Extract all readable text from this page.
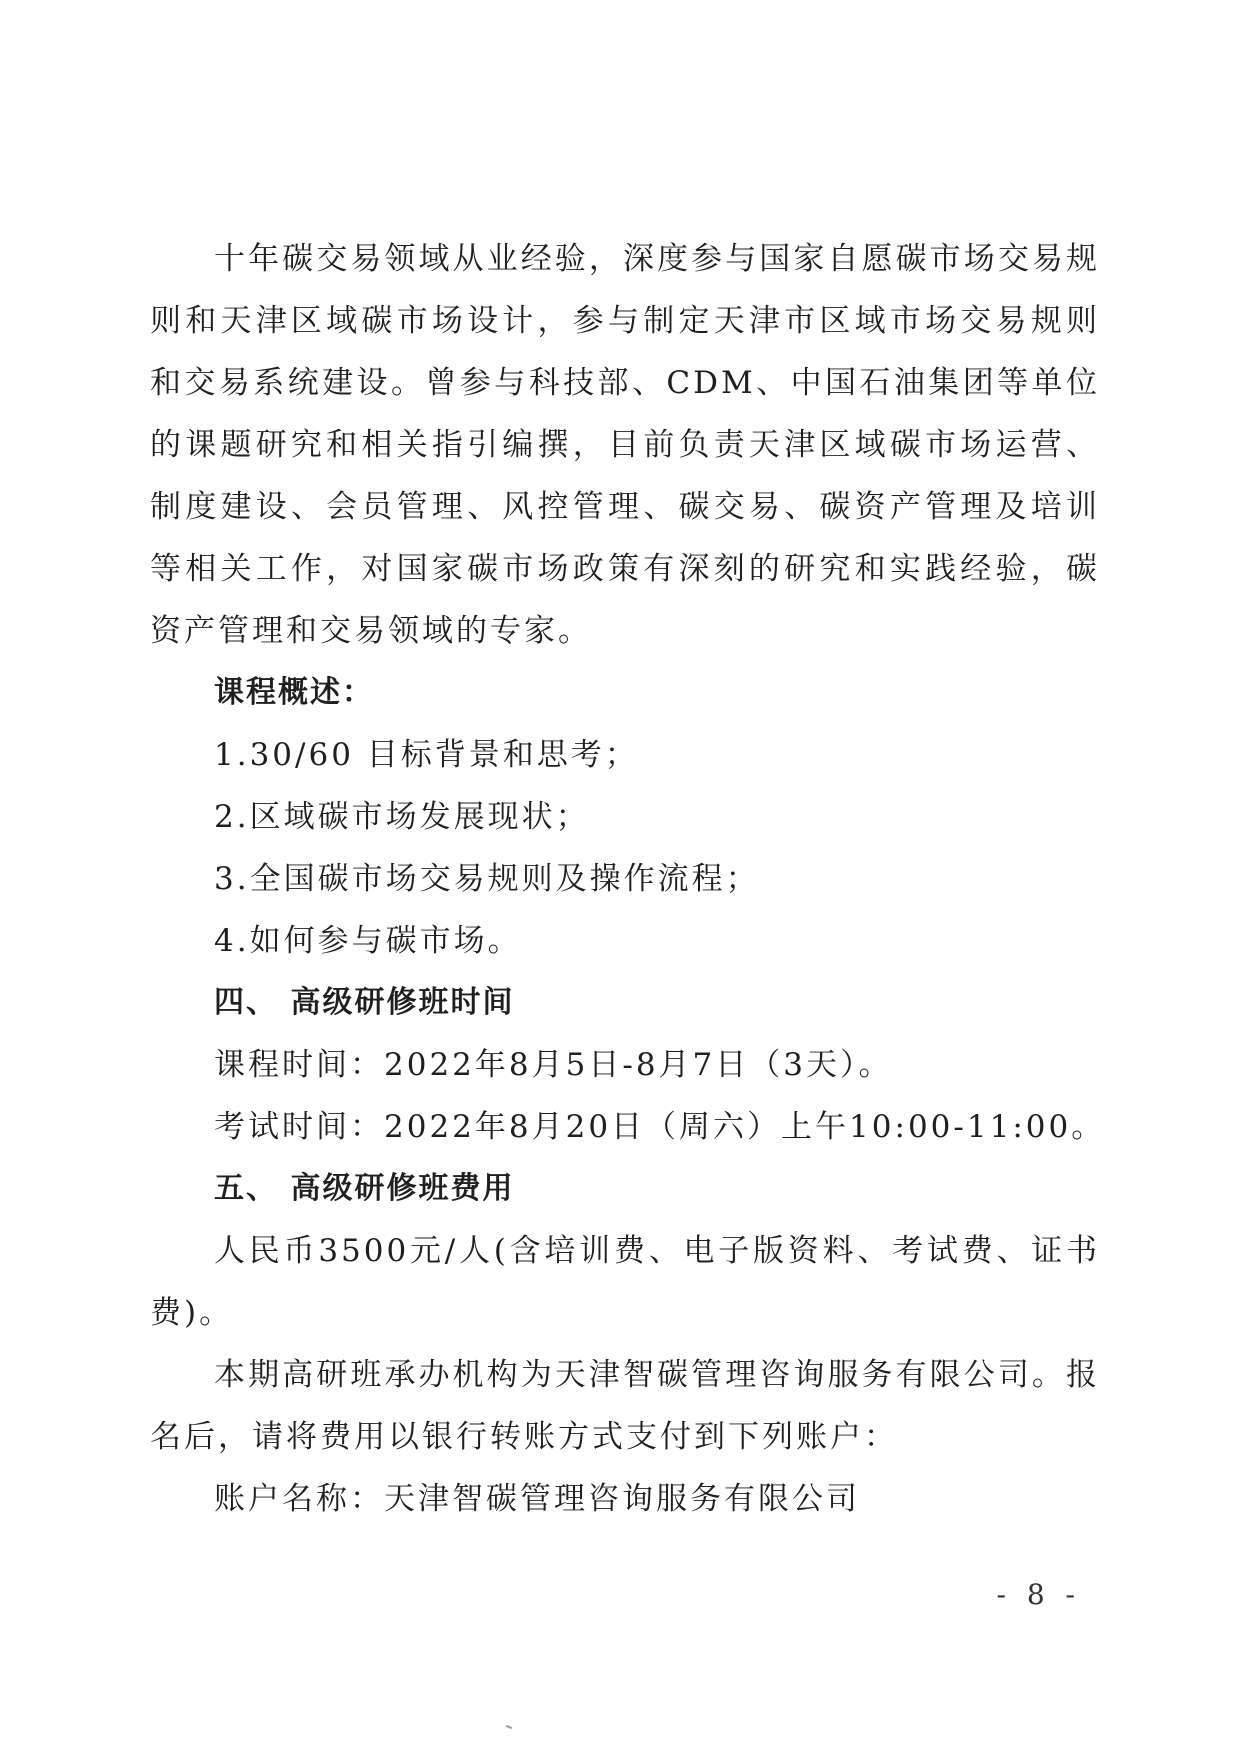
十年碳交易领域从业经验，深度参与国家自愿碳市场交易规则和天津区域碳市场设计，参与制定天津市区域市场交易规则和交易系统建设。曾参与科技部、CDM、中国石油集团等单位的课题研究和相关指引编撰，目前负责天津区域碳市场运营、制度建设、会员管理、风控管理、碳交易、碳资产管理及培训等相关工作，对国家碳市场政策有深刻的研究和实践经验，碳资产管理和交易领域的专家。

课程概述：

1.30/60 目标背景和思考；

2.区域碳市场发展现状；

3.全国碳市场交易规则及操作流程；

4.如何参与碳市场。

四、 高级研修班时间

课程时间：2022年8月5日-8月7日（3天）。

考试时间：2022年8月20日（周六）上午10:00-11:00。

五、 高级研修班费用

人民币3500元/人(含培训费、电子版资料、考试费、证书费)。

本期高研班承办机构为天津智碳管理咨询服务有限公司。报名后，请将费用以银行转账方式支付到下列账户：

账户名称：天津智碳管理咨询服务有限公司

- 8 -
